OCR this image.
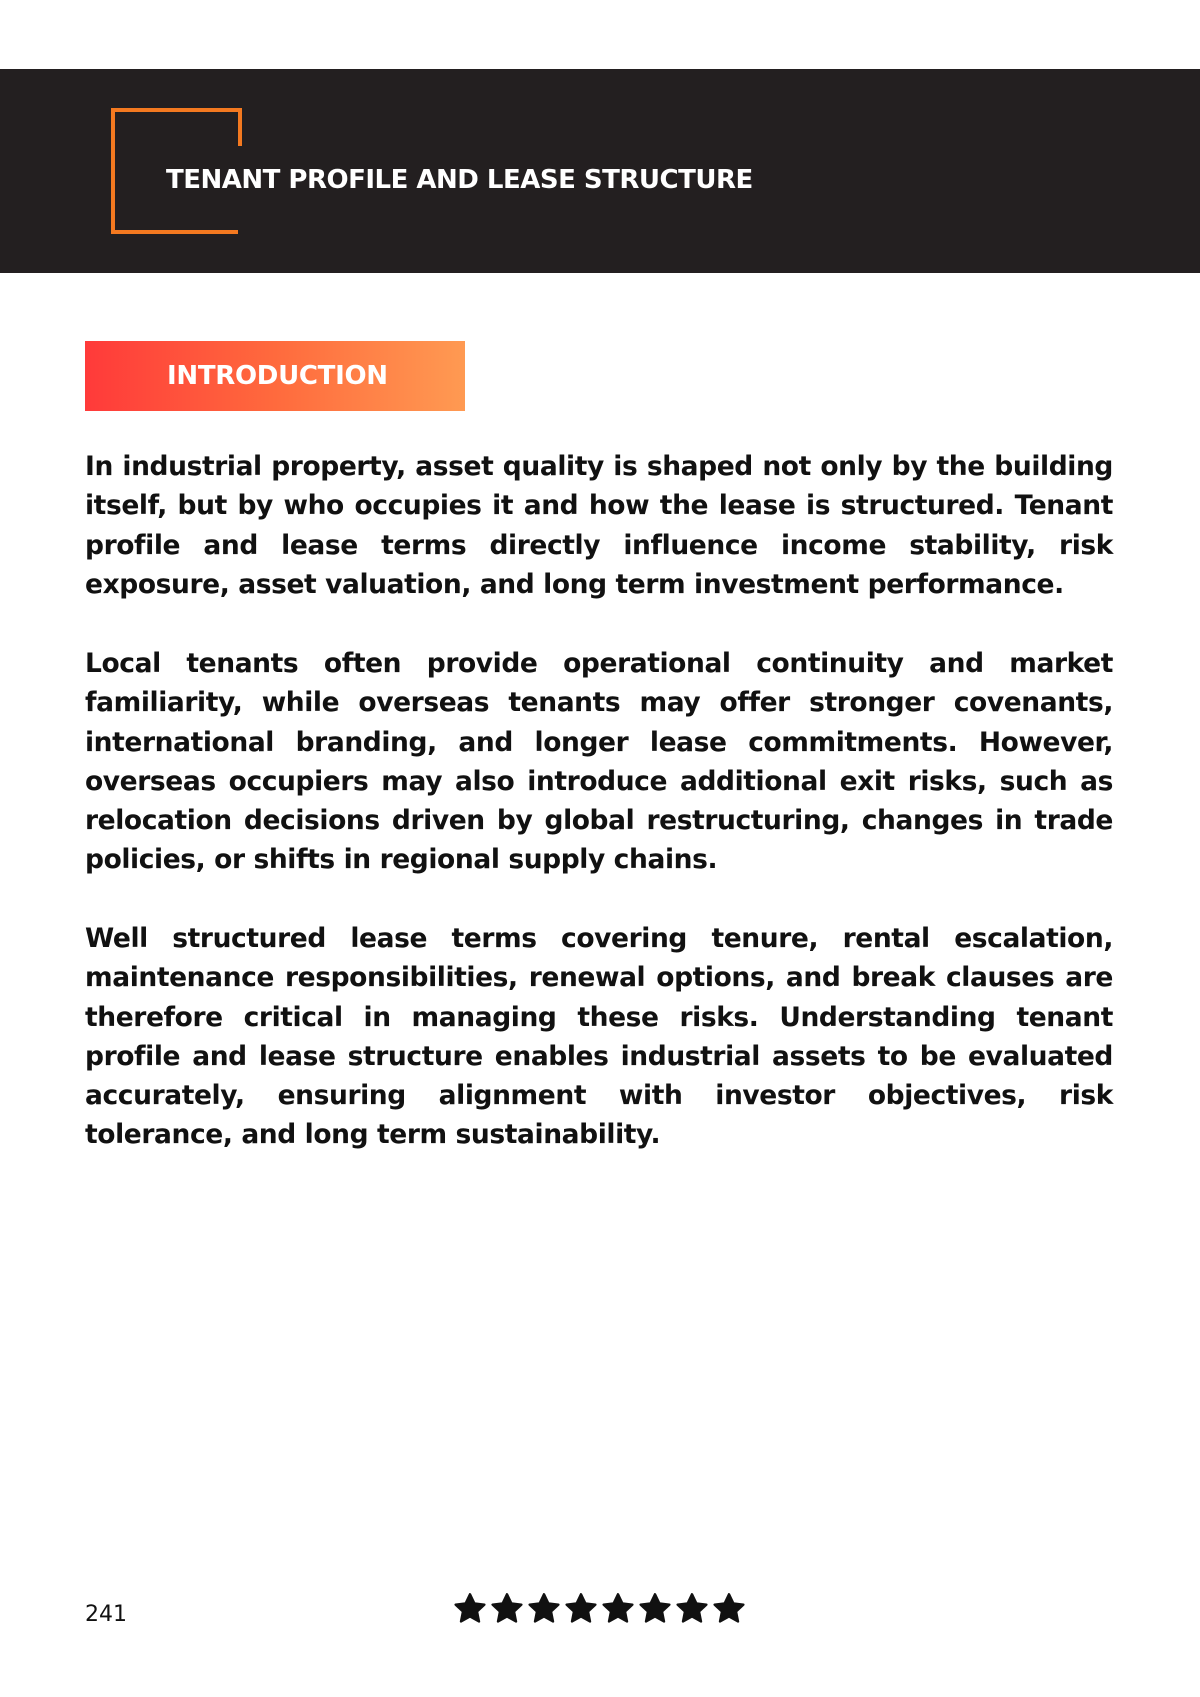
TENANT PROFILE AND LEASE STRUCTURE
INTRODUCTION

In industrial property, asset quality is shaped not only by the building itself, but by who occupies it and how the lease is structured. Tenant profile and lease terms directly influence income stability, risk exposure, asset valuation, and long term investment performance.

Local tenants often provide operational continuity and market familiarity, while overseas tenants may offer stronger covenants, international branding, and longer lease commitments. However, overseas occupiers may also introduce additional exit risks, such as relocation decisions driven by global restructuring, changes in trade policies, or shifts in regional supply chains.

Well structured lease terms covering tenure, rental escalation, maintenance responsibilities, renewal options, and break clauses are therefore critical in managing these risks. Understanding tenant profile and lease structure enables industrial assets to be evaluated accurately, ensuring alignment with investor objectives, risk tolerance, and long term sustainability.

241
